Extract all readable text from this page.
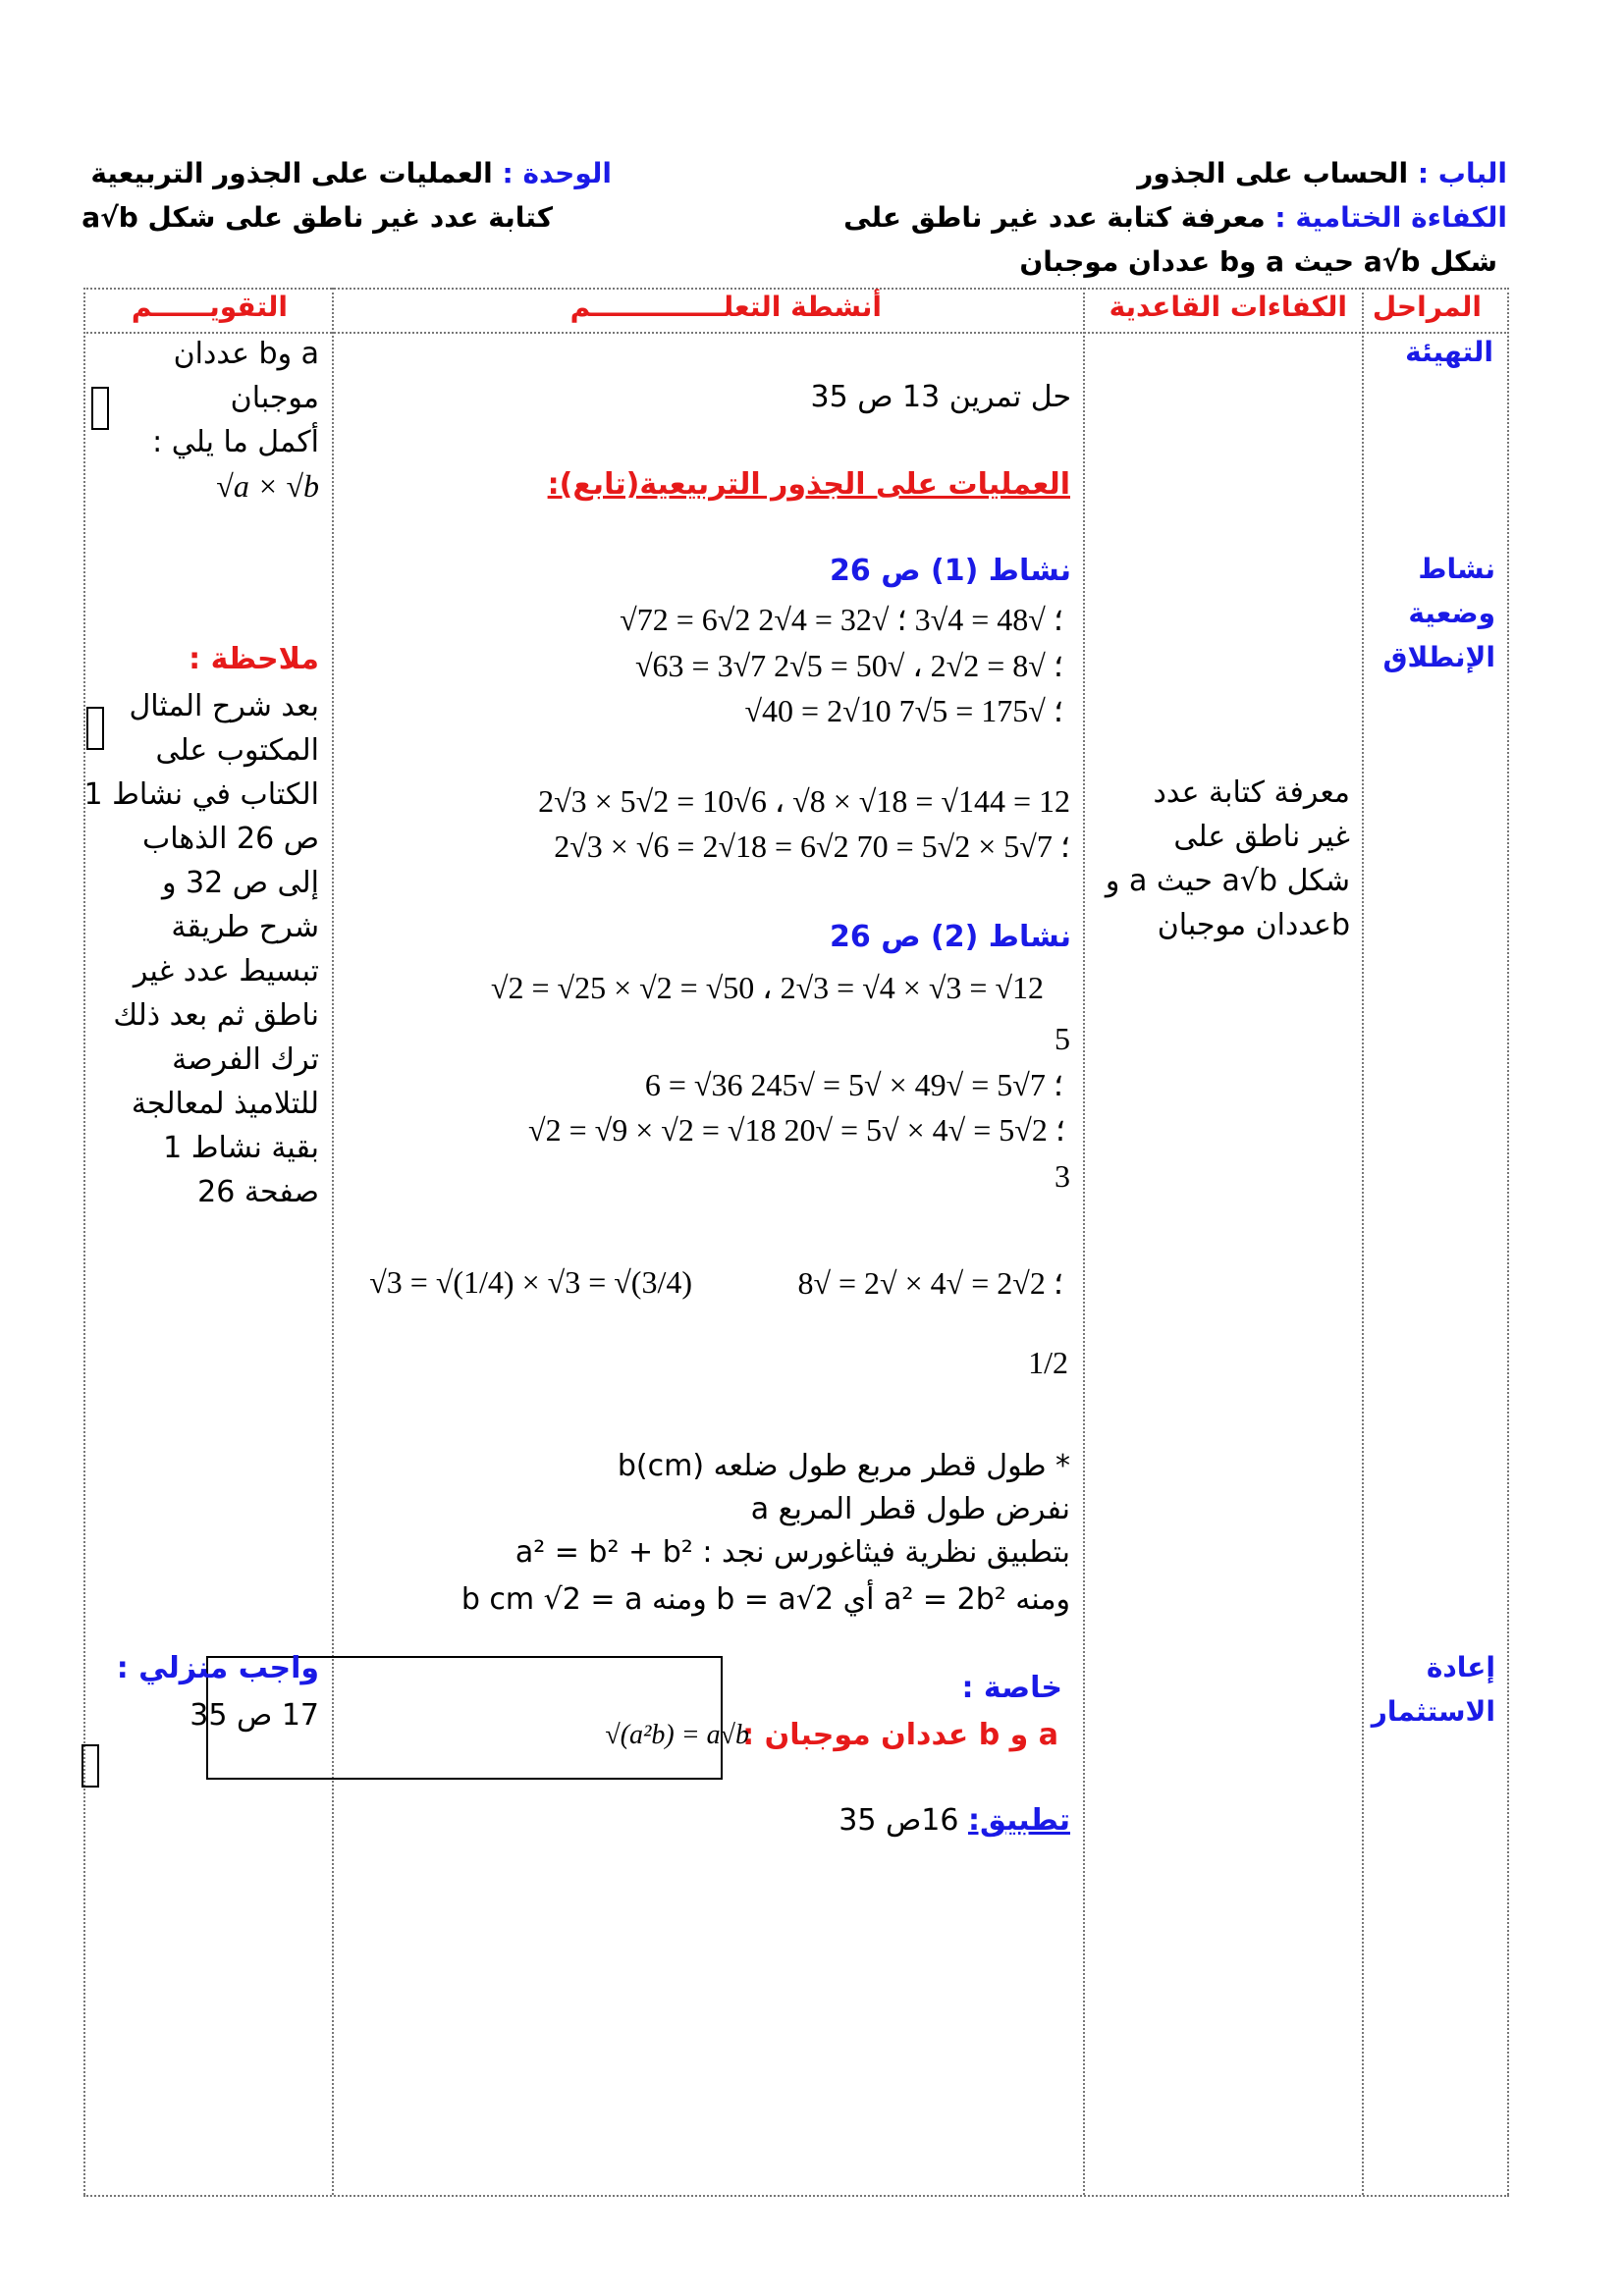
الباب : الحساب على الجذور
الوحدة : العمليات على الجذور التربيعية
الكفاءة الختامية : معرفة كتابة عدد غير ناطق على
شكل a√b حيث a وb عددان موجبان
كتابة عدد غير ناطق على شكل a√b
المراحل
الكفاءات القاعدية
أنشطة التعلــــــــــــــم
التقويــــــم
التهيئة
نشاط
وضعية
الإنطلاق
إعادة
الاستثمار
معرفة كتابة عدد
غير ناطق على
شكل a√b حيث a و
bعددان موجبان
حل تمرين 13 ص 35
العمليات على الجذور التربيعية(تابع):
نشاط (1) ص 26
√72 = 6√2 ؛ √48 = 4√3 ؛ √32 = 4√2
√63 = 3√7 ؛ √8 = 2√2 ، √50 = 5√2
√40 = 2√10 ؛ √175 = 5√7
2√3 × 5√2 = 10√6 ، √8 × √18 = √144 = 12
2√3 × √6 = 2√18 = 6√2 ؛ 7√5 × 2√5 = 70
نشاط (2) ص 26
√2 = √25 × √2 = √50 ، 2√3 = √4 × √3 = √12
5
6 = √36 ؛ 7√5 = √49 × √5 = √245
√2 = √9 × √2 = √18 ؛ 2√5 = √4 × √5 = √20
3
؛ 2√2 = √4 × √2 = √8
√3 = √(1/4) × √3 = √(3/4)
1/2
* طول قطر مربع طول ضلعه b(cm)
نفرض طول قطر المربع a
بتطبيق نظرية فيثاغورس نجد : a² = b² + b²
ومنه a² = 2b² أي b = a√2 ومنه b cm √2 = a
خاصة :
a و b عددان موجبان :
√(a²b) = a√b
تطبيق: 16ص 35
a وb عددان
موجبان
أكمل ما يلي :
√a × √b
ملاحظة :
بعد شرح المثال
المكتوب على
الكتاب في نشاط 1
ص 26 الذهاب
إلى ص 32 و
شرح طريقة
تبسيط عدد غير
ناطق ثم بعد ذلك
ترك الفرصة
للتلاميذ لمعالجة
بقية نشاط 1
صفحة 26
واجب منزلي :
17 ص 35
